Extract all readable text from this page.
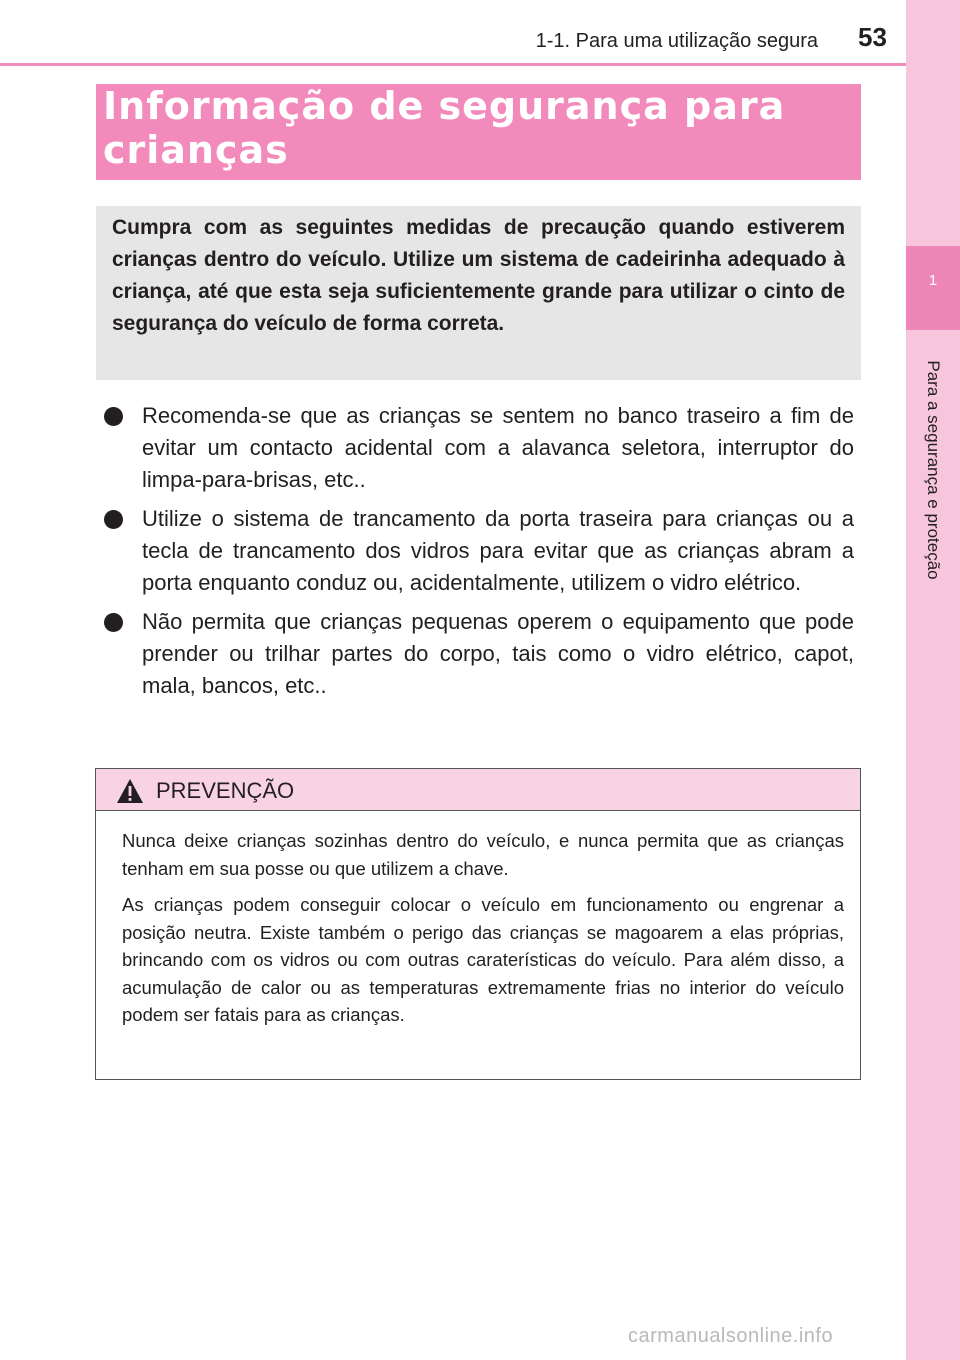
1-1. Para uma utilização segura 53
1
Para a segurança e proteção
Informação de segurança para crianças
Cumpra com as seguintes medidas de precaução quando estiverem crianças dentro do veículo. Utilize um sistema de cadeirinha adequado à criança, até que esta seja suficientemente grande para utilizar o cinto de segurança do veículo de forma correta.
Recomenda-se que as crianças se sentem no banco traseiro a fim de evitar um contacto acidental com a alavanca seletora, interruptor do limpa-para-brisas, etc..
Utilize o sistema de trancamento da porta traseira para crianças ou a tecla de trancamento dos vidros para evitar que as crianças abram a porta enquanto conduz ou, acidentalmente, utilizem o vidro elétrico.
Não permita que crianças pequenas operem o equipamento que pode prender ou trilhar partes do corpo, tais como o vidro elétrico, capot, mala, bancos, etc..
PREVENÇÃO

Nunca deixe crianças sozinhas dentro do veículo, e nunca permita que as crianças tenham em sua posse ou que utilizem a chave.

As crianças podem conseguir colocar o veículo em funcionamento ou engrenar a posição neutra. Existe também o perigo das crianças se magoarem a elas próprias, brincando com os vidros ou com outras caraterísticas do veículo. Para além disso, a acumulação de calor ou as temperaturas extremamente frias no interior do veículo podem ser fatais para as crianças.

carmanualsonline.info
